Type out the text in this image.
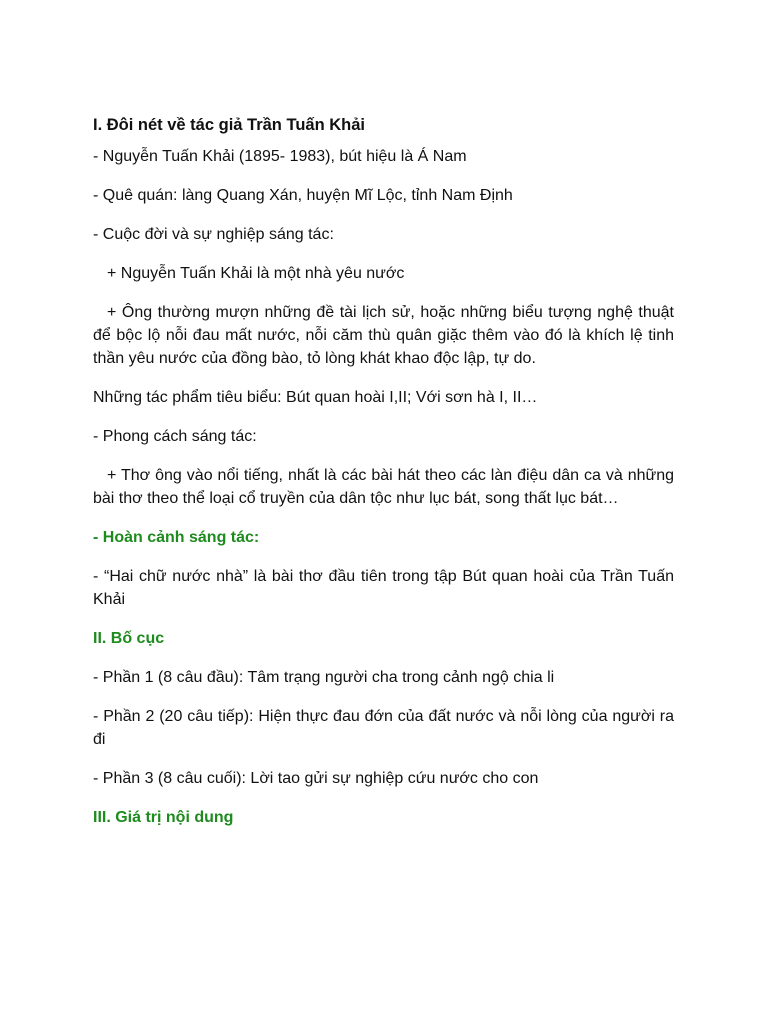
I. Đôi nét về tác giả Trần Tuấn Khải

- Nguyễn Tuấn Khải (1895- 1983), bút hiệu là Á Nam

- Quê quán: làng Quang Xán, huyện Mĩ Lộc, tỉnh Nam Định

- Cuộc đời và sự nghiệp sáng tác:

+ Nguyễn Tuấn Khải là một nhà yêu nước

+ Ông thường mượn những đề tài lịch sử, hoặc những biểu tượng nghệ thuật để bộc lộ nỗi đau mất nước, nỗi căm thù quân giặc thêm vào đó là khích lệ tinh thần yêu nước của đồng bào, tỏ lòng khát khao độc lập, tự do.

Những tác phẩm tiêu biểu: Bút quan hoài I,II; Với sơn hà I, II…

- Phong cách sáng tác:

+ Thơ ông vào nổi tiếng, nhất là các bài hát theo các làn điệu dân ca và những bài thơ theo thể loại cổ truyền của dân tộc như lục bát, song thất lục bát…

- Hoàn cảnh sáng tác:

- “Hai chữ nước nhà” là bài thơ đầu tiên trong tập Bút quan hoài của Trần Tuấn Khải

II. Bố cục

- Phần 1 (8 câu đầu): Tâm trạng người cha trong cảnh ngộ chia li

- Phần 2 (20 câu tiếp): Hiện thực đau đớn của đất nước và nỗi lòng của người ra đi

- Phần 3 (8 câu cuối): Lời tao gửi sự nghiệp cứu nước cho con

III. Giá trị nội dung
